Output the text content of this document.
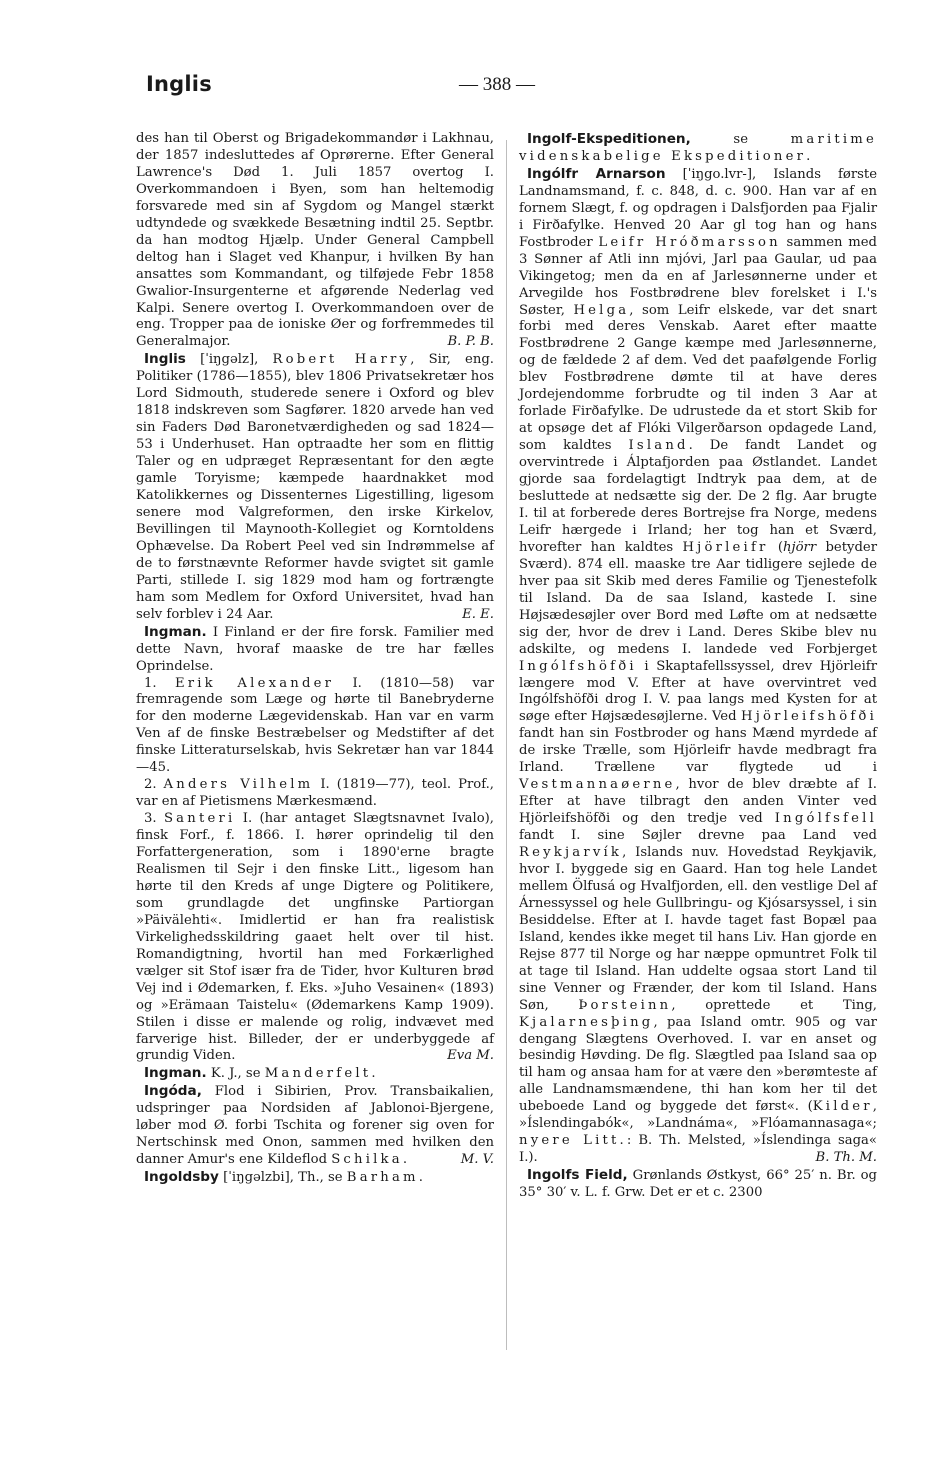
Inglis	— 388 —

des han til Oberst og Brigadekommandør i Lakhnau, der 1857 indesluttedes af Oprørerne. Efter General Lawrence's Død 1. Juli 1857 overtog I. Overkommandoen i Byen, som han heltemodig forsvarede med sin af Sygdom og Mangel stærkt udtyndede og svækkede Besætning indtil 25. Septbr. da han modtog Hjælp. Under General Campbell deltog han i Slaget ved Khanpur, i hvilken By han ansattes som Kommandant, og tilføjede Febr 1858 Gwalior-Insurgenterne et afgørende Nederlag ved Kalpi. Senere overtog I. Overkommandoen over de eng. Tropper paa de ioniske Øer og forfremmedes til Generalmajor.	B. P. B.

Inglis [ˈiŋgəlz], Robert Harry, Sir, eng. Politiker (1786—1855), blev 1806 Privatsekretær hos Lord Sidmouth, studerede senere i Oxford og blev 1818 indskreven som Sagfører. 1820 arvede han ved sin Faders Død Baronetværdigheden og sad 1824—53 i Underhuset. Han optraadte her som en flittig Taler og en udpræget Repræsentant for den ægte gamle Toryisme; kæmpede haardnakket mod Katolikkernes og Dissenternes Ligestilling, ligesom senere mod Valgreformen, den irske Kirkelov, Bevillingen til Maynooth-Kollegiet og Korntoldens Ophævelse. Da Robert Peel ved sin Indrømmelse af de to førstnævnte Reformer havde svigtet sit gamle Parti, stillede I. sig 1829 mod ham og fortrængte ham som Medlem for Oxford Universitet, hvad han selv forblev i 24 Aar.	E. E.

Ingman. I Finland er der fire forsk. Familier med dette Navn, hvoraf maaske de tre har fælles Oprindelse.

1. Erik Alexander I. (1810—58) var fremragende som Læge og hørte til Banebryderne for den moderne Lægevidenskab. Han var en varm Ven af de finske Bestræbelser og Medstifter af det finske Litteraturselskab, hvis Sekretær han var 1844—45.

2. Anders Vilhelm I. (1819—77), teol. Prof., var en af Pietismens Mærkesmænd.

3. Santeri I. (har antaget Slægtsnavnet Ivalo), finsk Forf., f. 1866. I. hører oprindelig til den Forfattergeneration, som i 1890'erne bragte Realismen til Sejr i den finske Litt., ligesom han hørte til den Kreds af unge Digtere og Politikere, som grundlagde det ungfinske Partiorgan »Päivälehti«. Imidlertid er han fra realistisk Virkelighedsskildring gaaet helt over til hist. Romandigtning, hvortil han med Forkærlighed vælger sit Stof især fra de Tider, hvor Kulturen brød Vej ind i Ødemarken, f. Eks. »Juho Vesainen« (1893) og »Erämaan Taistelu« (Ødemarkens Kamp 1909). Stilen i disse er malende og rolig, indvævet med farverige hist. Billeder, der er underbyggede af grundig Viden.	Eva M.

Ingman. K. J., se Manderfelt.

Ingóda, Flod i Sibirien, Prov. Transbaikalien, udspringer paa Nordsiden af Jablonoi-Bjergene, løber mod Ø. forbi Tschita og forener sig oven for Nertschinsk med Onon, sammen med hvilken den danner Amur's ene Kildeflod Schilka.	M. V.

Ingoldsby [ˈiŋgəlzbi], Th., se Barham.

Ingolf-Ekspeditionen, se maritime videnskabelige Ekspeditioner.

Ingólfr Arnarson [ˈiŋgo.lvr-], Islands første Landnamsmand, f. c. 848, d. c. 900. Han var af en fornem Slægt, f. og opdragen i Dalsfjorden paa Fjalir i Firðafylke. Henved 20 Aar gl tog han og hans Fostbroder Leifr Hróðmarsson sammen med 3 Sønner af Atli inn mjóvi, Jarl paa Gaular, ud paa Vikingetog; men da en af Jarlesønnerne under et Arvegilde hos Fostbrødrene blev forelsket i I.'s Søster, Helga, som Leifr elskede, var det snart forbi med deres Venskab. Aaret efter maatte Fostbrødrene 2 Gange kæmpe med Jarlesønnerne, og de fældede 2 af dem. Ved det paafølgende Forlig blev Fostbrødrene dømte til at have deres Jordejendomme forbrudte og til inden 3 Aar at forlade Firðafylke. De udrustede da et stort Skib for at opsøge det af Flóki Vilgerðarson opdagede Land, som kaldtes Island. De fandt Landet og overvintrede i Álptafjorden paa Østlandet. Landet gjorde saa fordelagtigt Indtryk paa dem, at de besluttede at nedsætte sig der. De 2 flg. Aar brugte I. til at forberede deres Bortrejse fra Norge, medens Leifr hærgede i Irland; her tog han et Sværd, hvorefter han kaldtes Hjörleifr (hjörr betyder Sværd). 874 ell. maaske tre Aar tidligere sejlede de hver paa sit Skib med deres Familie og Tjenestefolk til Island. Da de saa Island, kastede I. sine Højsædesøjler over Bord med Løfte om at nedsætte sig der, hvor de drev i Land. Deres Skibe blev nu adskilte, og medens I. landede ved Forbjerget Ingólfshöfði i Skaptafellssyssel, drev Hjörleifr længere mod V. Efter at have overvintret ved Ingólfshöfði drog I. V. paa langs med Kysten for at søge efter Højsædesøjlerne. Ved Hjörleifshöfði fandt han sin Fostbroder og hans Mænd myrdede af de irske Trælle, som Hjörleifr havde medbragt fra Irland. Trællene var flygtede ud i Vestmannaøerne, hvor de blev dræbte af I. Efter at have tilbragt den anden Vinter ved Hjörleifshöfði og den tredje ved Ingólfsfell fandt I. sine Søjler drevne paa Land ved Reykjarvík, Islands nuv. Hovedstad Reykjavik, hvor I. byggede sig en Gaard. Han tog hele Landet mellem Ölfusá og Hvalfjorden, ell. den vestlige Del af Árnessyssel og hele Gullbringu- og Kjósarsyssel, i sin Besiddelse. Efter at I. havde taget fast Bopæl paa Island, kendes ikke meget til hans Liv. Han gjorde en Rejse 877 til Norge og har næppe opmuntret Folk til at tage til Island. Han uddelte ogsaa stort Land til sine Venner og Frænder, der kom til Island. Hans Søn, Þorsteinn, oprettede et Ting, Kjalarnesþing, paa Island omtr. 905 og var dengang Slægtens Overhoved. I. var en anset og besindig Høvding. De flg. Slægtled paa Island saa op til ham og ansaa ham for at være den »berømteste af alle Landnamsmændene, thi han kom her til det ubeboede Land og byggede det først«. (Kilder, »Íslendingabók«, »Landnáma«, »Flóamannasaga«; nyere Litt.: B. Th. Melsted, »Íslendinga saga« I.).	B. Th. M.

Ingolfs Field, Grønlands Østkyst, 66° 25′ n. Br. og 35° 30′ v. L. f. Grw. Det er et c. 2300
